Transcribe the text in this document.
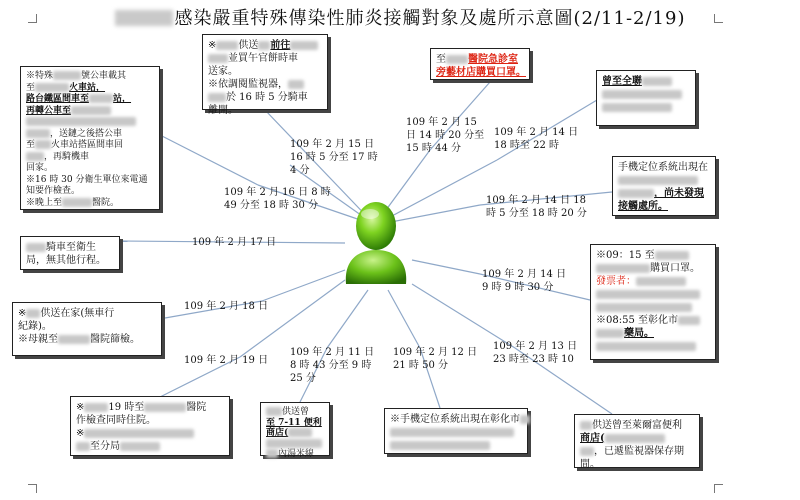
感染嚴重特殊傳染性肺炎接觸對象及處所示意圖(2/11-2/19)
109 年 2 月 15 日
16 時 5 分至 17 時
4 分
109 年 2 月 15
日 14 時 20 分至
15 時 44 分
109 年 2 月 14 日
18 時至 22 時
109 年 2 月 16 日 8 時
49 分至 18 時 30 分	109 年 2 月 14 日 18
時 5 分至 18 時 20 分
109 年 2 月 17 日
109 年 2 月 14 日
9 時 9 時 30 分
109 年 2 月 18 日
109 年 2 月 19 日
109 年 2 月 11 日
8 時 43 分至 9 時
25 分
109 年 2 月 12 日
21 時 50 分
109 年 2 月 13 日
23 時至 23 時 10
※ 供送 前往
並買午官餅時車
送家。
※依調閱監視器，
於 16 時 5 分騎車
離開。
至 醫院急診室
旁藝材店購買口罩。
曾至全聯
※特殊	號公車載其
至	火車站，
路台鐵區間車至	站，
再轉公車至
，送鏈之後搭公車
至 火車站搭區間車回
，再騎機車
回家。
※16 時 30 分衛生單位來電通
知要作檢查。
※晚上至	醫院。
手機定位系統出現在
，尚未發現
接觸處所。
騎車至衛生
局，無其他行程。	※09：15 至
購買口罩。
發票者：
※08:55 至彰化市
藥局。
※ 供送在家(無車行
紀錄)。
※母親至	醫院篩檢。
※ 19 時至	醫院
作檢查同時住院。
※
至分局
供送曾
至 7-11 便利
商店(
內湯米線
※手機定位系統出現在彰化市
供送曾至萊爾富便利
商店(
，已遞監視器保存期
間。
